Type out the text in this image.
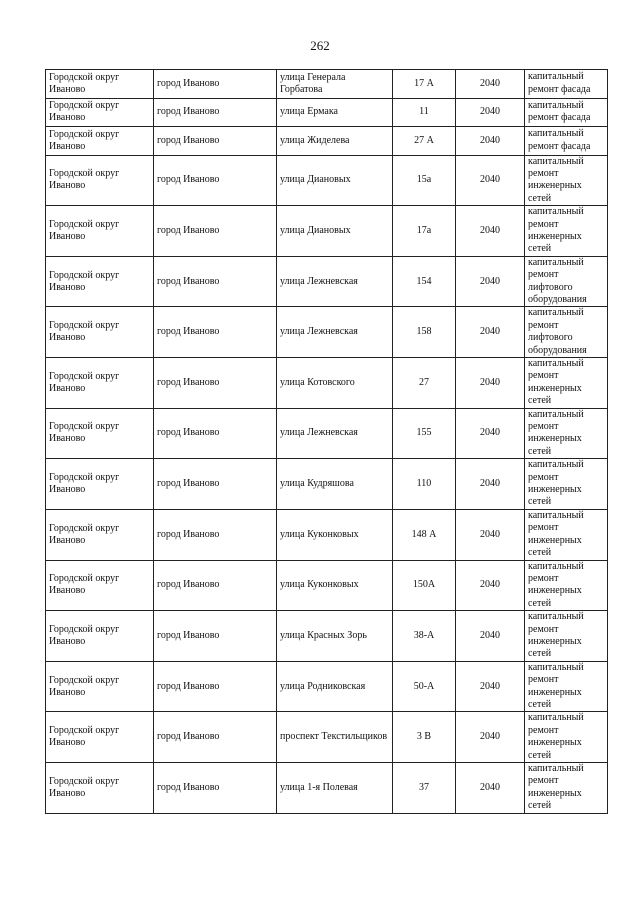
262
Городской округ Иваново	город Иваново	улица Генерала Горбатова	17 А	2040	капитальный ремонт фасада
Городской округ Иваново	город Иваново	улица Ермака	11	2040	капитальный ремонт фасада
Городской округ Иваново	город Иваново	улица Жиделева	27 А	2040	капитальный ремонт фасада
Городской округ Иваново	город Иваново	улица Диановых	15а	2040	капитальный ремонт инженерных сетей
Городской округ Иваново	город Иваново	улица Диановых	17а	2040	капитальный ремонт инженерных сетей
Городской округ Иваново	город Иваново	улица Лежневская	154	2040	капитальный ремонт лифтового оборудования
Городской округ Иваново	город Иваново	улица Лежневская	158	2040	капитальный ремонт лифтового оборудования
Городской округ Иваново	город Иваново	улица Котовского	27	2040	капитальный ремонт инженерных сетей
Городской округ Иваново	город Иваново	улица Лежневская	155	2040	капитальный ремонт инженерных сетей
Городской округ Иваново	город Иваново	улица Кудряшова	110	2040	капитальный ремонт инженерных сетей
Городской округ Иваново	город Иваново	улица Куконковых	148 А	2040	капитальный ремонт инженерных сетей
Городской округ Иваново	город Иваново	улица Куконковых	150А	2040	капитальный ремонт инженерных сетей
Городской округ Иваново	город Иваново	улица Красных Зорь	38-А	2040	капитальный ремонт инженерных сетей
Городской округ Иваново	город Иваново	улица Родниковская	50-А	2040	капитальный ремонт инженерных сетей
Городской округ Иваново	город Иваново	проспект Текстильщиков	3 В	2040	капитальный ремонт инженерных сетей
Городской округ Иваново	город Иваново	улица 1-я Полевая	37	2040	капитальный ремонт инженерных сетей
